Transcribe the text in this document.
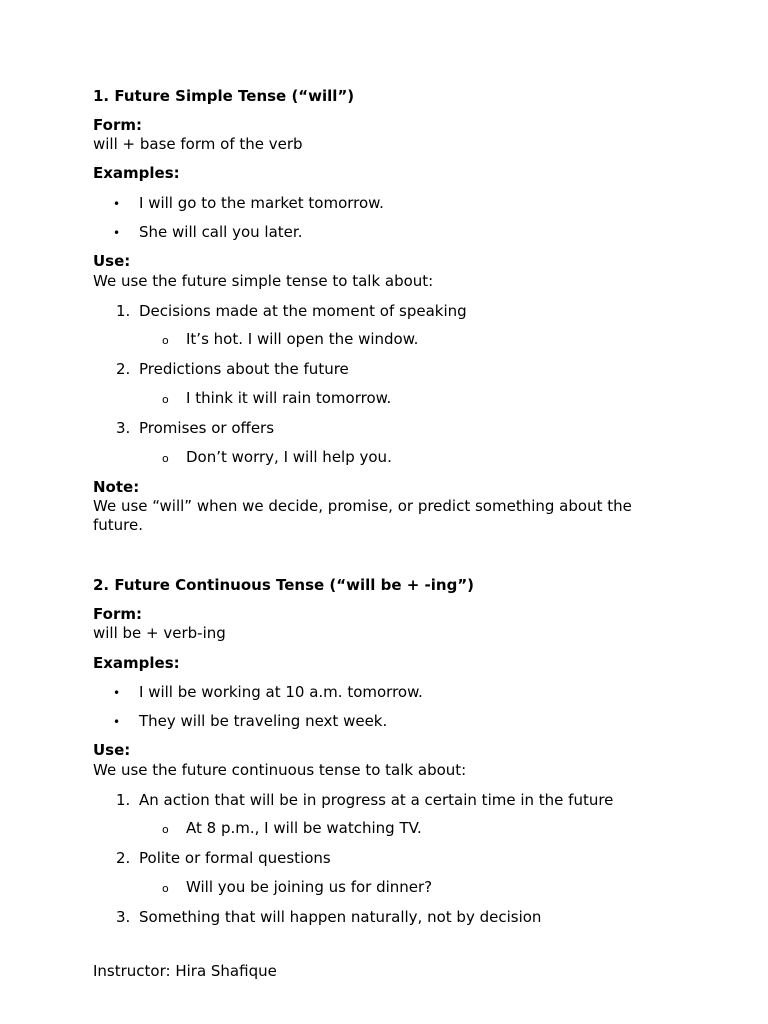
1. Future Simple Tense (“will”)
Form:
will + base form of the verb
Examples:
• I will go to the market tomorrow.
• She will call you later.
Use:
We use the future simple tense to talk about:
1. Decisions made at the moment of speaking
o It’s hot. I will open the window.
2. Predictions about the future
o I think it will rain tomorrow.
3. Promises or offers
o Don’t worry, I will help you.
Note:
We use “will” when we decide, promise, or predict something about the future.
2. Future Continuous Tense (“will be + -ing”)
Form:
will be + verb-ing
Examples:
• I will be working at 10 a.m. tomorrow.
• They will be traveling next week.
Use:
We use the future continuous tense to talk about:
1. An action that will be in progress at a certain time in the future
o At 8 p.m., I will be watching TV.
2. Polite or formal questions
o Will you be joining us for dinner?
3. Something that will happen naturally, not by decision
Instructor: Hira Shafique
